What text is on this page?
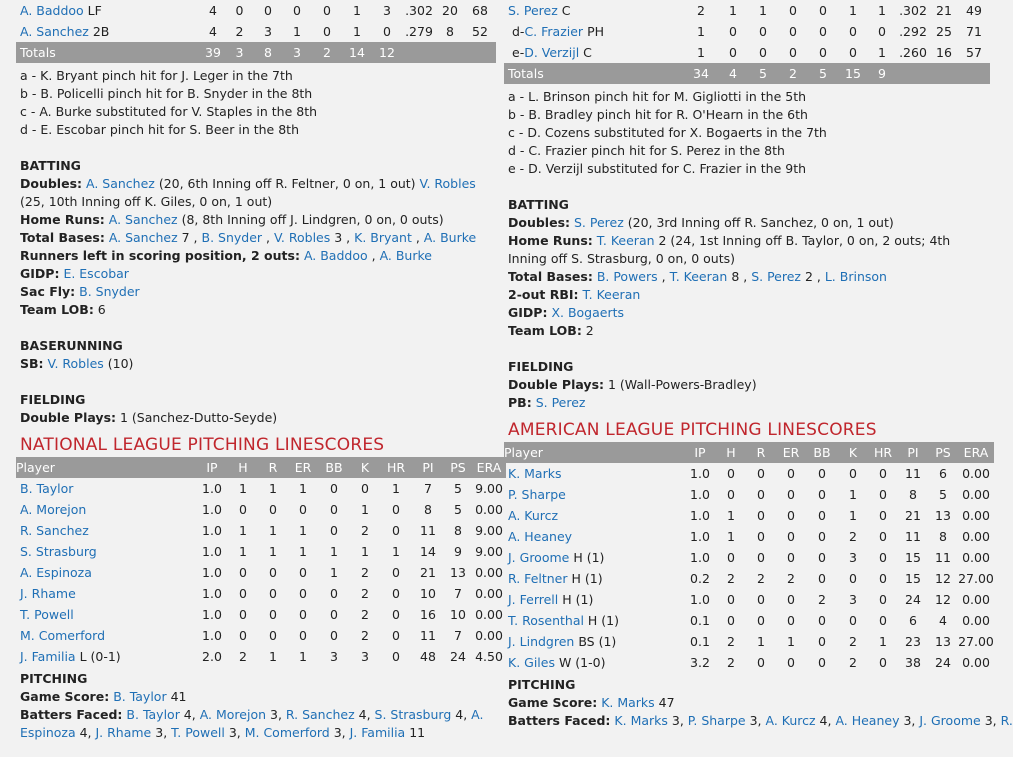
A. Baddoo LF	4	0	0	0	0	1	3	.302	20	68
A. Sanchez 2B	4	2	3	1	0	1	0	.279	8	52
Totals	39	3	8	3	2	14	12			
a - K. Bryant pinch hit for J. Leger in the 7th
b - B. Policelli pinch hit for B. Snyder in the 8th
c - A. Burke substituted for V. Staples in the 8th
d - E. Escobar pinch hit for S. Beer in the 8th
BATTING
Doubles: A. Sanchez (20, 6th Inning off R. Feltner, 0 on, 1 out) V. Robles (25, 10th Inning off K. Giles, 0 on, 1 out)
Home Runs: A. Sanchez (8, 8th Inning off J. Lindgren, 0 on, 0 outs)
Total Bases: A. Sanchez 7 , B. Snyder , V. Robles 3 , K. Bryant , A. Burke
Runners left in scoring position, 2 outs: A. Baddoo , A. Burke
GIDP: E. Escobar
Sac Fly: B. Snyder
Team LOB: 6
BASERUNNING
SB: V. Robles (10)
FIELDING
Double Plays: 1 (Sanchez-Dutto-Seyde)
NATIONAL LEAGUE PITCHING LINESCORES
Player	IP	H	R	ER	BB	K	HR	PI	PS	ERA
B. Taylor	1.0	1	1	1	0	0	1	7	5	9.00
A. Morejon	1.0	0	0	0	0	1	0	8	5	0.00
R. Sanchez	1.0	1	1	1	0	2	0	11	8	9.00
S. Strasburg	1.0	1	1	1	1	1	1	14	9	9.00
A. Espinoza	1.0	0	0	0	1	2	0	21	13	0.00
J. Rhame	1.0	0	0	0	0	2	0	10	7	0.00
T. Powell	1.0	0	0	0	0	2	0	16	10	0.00
M. Comerford	1.0	0	0	0	0	2	0	11	7	0.00
J. Familia L (0-1)	2.0	2	1	1	3	3	0	48	24	4.50
PITCHING
Game Score: B. Taylor 41
Batters Faced: B. Taylor 4, A. Morejon 3, R. Sanchez 4, S. Strasburg 4, A. Espinoza 4, J. Rhame 3, T. Powell 3, M. Comerford 3, J. Familia 11
S. Perez C	2	1	1	0	0	1	1	.302	21	49
d-C. Frazier PH	1	0	0	0	0	0	0	.292	25	71
e-D. Verzijl C	1	0	0	0	0	0	1	.260	16	57
Totals	34	4	5	2	5	15	9			
a - L. Brinson pinch hit for M. Gigliotti in the 5th
b - B. Bradley pinch hit for R. O'Hearn in the 6th
c - D. Cozens substituted for X. Bogaerts in the 7th
d - C. Frazier pinch hit for S. Perez in the 8th
e - D. Verzijl substituted for C. Frazier in the 9th
BATTING
Doubles: S. Perez (20, 3rd Inning off R. Sanchez, 0 on, 1 out)
Home Runs: T. Keeran 2 (24, 1st Inning off B. Taylor, 0 on, 2 outs; 4th Inning off S. Strasburg, 0 on, 0 outs)
Total Bases: B. Powers , T. Keeran 8 , S. Perez 2 , L. Brinson
2-out RBI: T. Keeran
GIDP: X. Bogaerts
Team LOB: 2
FIELDING
Double Plays: 1 (Wall-Powers-Bradley)
PB: S. Perez
AMERICAN LEAGUE PITCHING LINESCORES
Player	IP	H	R	ER	BB	K	HR	PI	PS	ERA
K. Marks	1.0	0	0	0	0	0	0	11	6	0.00
P. Sharpe	1.0	0	0	0	0	1	0	8	5	0.00
A. Kurcz	1.0	1	0	0	0	1	0	21	13	0.00
A. Heaney	1.0	1	0	0	0	2	0	11	8	0.00
J. Groome H (1)	1.0	0	0	0	0	3	0	15	11	0.00
R. Feltner H (1)	0.2	2	2	2	0	0	0	15	12	27.00
J. Ferrell H (1)	1.0	0	0	0	2	3	0	24	12	0.00
T. Rosenthal H (1)	0.1	0	0	0	0	0	0	6	4	0.00
J. Lindgren BS (1)	0.1	2	1	1	0	2	1	23	13	27.00
K. Giles W (1-0)	3.2	2	0	0	0	2	0	38	24	0.00
PITCHING
Game Score: K. Marks 47
Batters Faced: K. Marks 3, P. Sharpe 3, A. Kurcz 4, A. Heaney 3, J. Groome 3, R.
